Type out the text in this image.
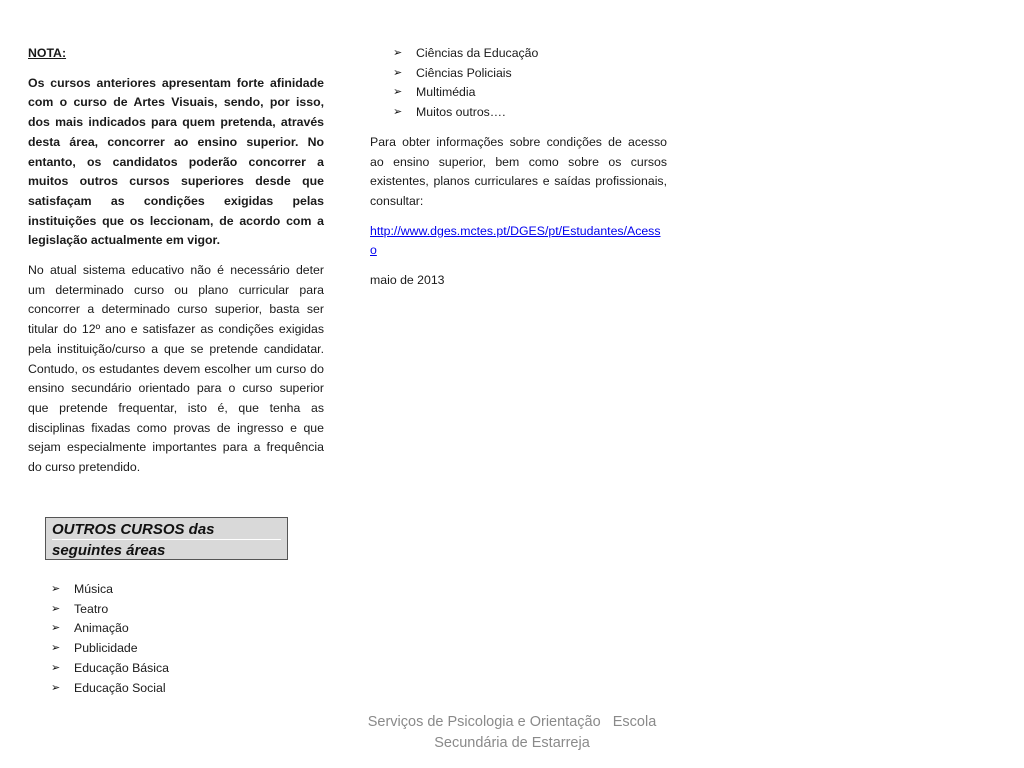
NOTA:

Os cursos anteriores apresentam forte afinidade com o curso de Artes Visuais, sendo, por isso, dos mais indicados para quem pretenda, através desta área, concorrer ao ensino superior. No entanto, os candidatos poderão concorrer a muitos outros cursos superiores desde que satisfaçam as condições exigidas pelas instituições que os leccionam, de acordo com a legislação actualmente em vigor.

No atual sistema educativo não é necessário deter um determinado curso ou plano curricular para concorrer a determinado curso superior, basta ser titular do 12º ano e satisfazer as condições exigidas pela instituição/curso a que se pretende candidatar. Contudo, os estudantes devem escolher um curso do ensino secundário orientado para o curso superior que pretende frequentar, isto é, que tenha as disciplinas fixadas como provas de ingresso e que sejam especialmente importantes para a frequência do curso pretendido.

OUTROS CURSOS das
seguintes áreas
➢	Música
➢	Teatro
➢	Animação
➢	Publicidade
➢	Educação Básica
➢	Educação Social
➢	Ciências da Educação
➢	Ciências Policiais
➢	Multimédia
➢	Muitos outros….

Para obter informações sobre condições de acesso ao ensino superior, bem como sobre os cursos existentes, planos curriculares e saídas profissionais, consultar:

http://www.dges.mctes.pt/DGES/pt/Estudantes/Acesso

maio de 2013

Serviços de Psicologia e Orientação   Escola
Secundária de Estarreja
